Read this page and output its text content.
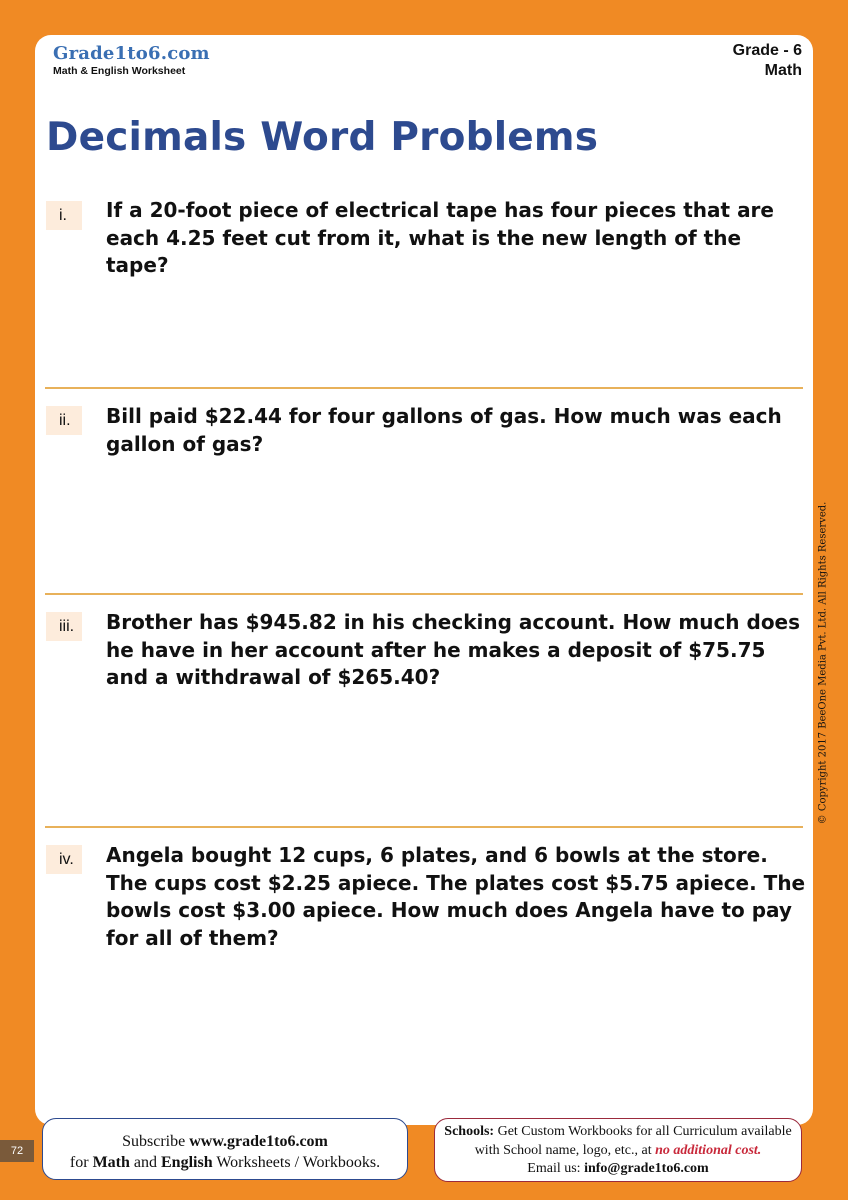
Grade1to6.com
Math & English Worksheet
Grade - 6
Math
Decimals Word Problems
i.	If a 20-foot piece of electrical tape has four pieces that are each 4.25 feet cut from it, what is the new length of the tape?

ii.	Bill paid $22.44 for four gallons of gas. How much was each gallon of gas?

iii.	Brother has $945.82 in his checking account. How much does he have in her account after he makes a deposit of $75.75 and a withdrawal of $265.40?

iv.	Angela bought 12 cups, 6 plates, and 6 bowls at the store. The cups cost $2.25 apiece. The plates cost $5.75 apiece. The bowls cost $3.00 apiece. How much does Angela have to pay for all of them?

© Copyright 2017 BeeOne Media Pvt. Ltd. All Rights Reserved.
72
Subscribe www.grade1to6.com
for Math and English Worksheets / Workbooks.
Schools: Get Custom Workbooks for all Curriculum available
with School name, logo, etc., at no additional cost.
Email us: info@grade1to6.com
